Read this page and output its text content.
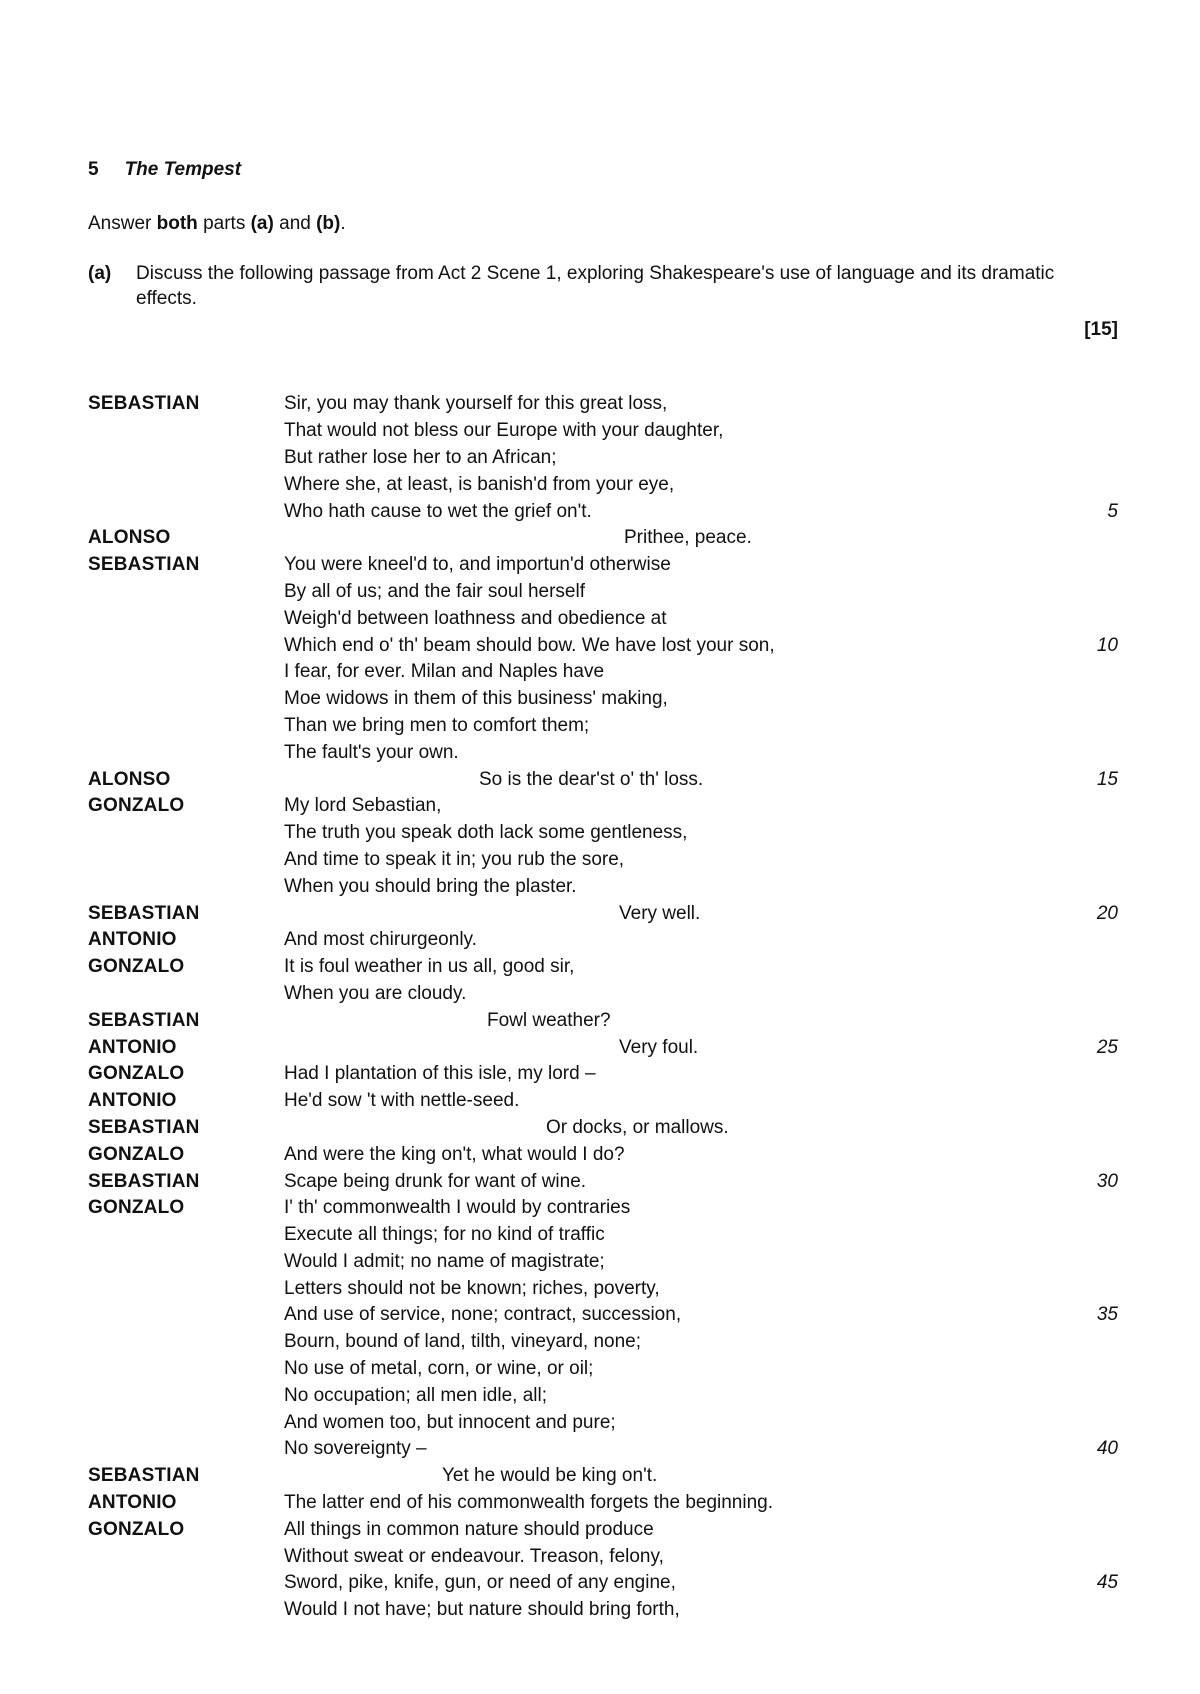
5 The Tempest
Answer both parts (a) and (b).
(a)	Discuss the following passage from Act 2 Scene 1, exploring Shakespeare's use of language and its dramatic effects.
[15]
SEBASTIAN	Sir, you may thank yourself for this great loss,
That would not bless our Europe with your daughter,
But rather lose her to an African;
Where she, at least, is banish'd from your eye,
Who hath cause to wet the grief on't.	5
ALONSO	Prithee, peace.
SEBASTIAN	You were kneel'd to, and importun'd otherwise
By all of us; and the fair soul herself
Weigh'd between loathness and obedience at
Which end o' th' beam should bow. We have lost your son,	10
I fear, for ever. Milan and Naples have
Moe widows in them of this business' making,
Than we bring men to comfort them;
The fault's your own.
ALONSO	So is the dear'st o' th' loss.	15
GONZALO	My lord Sebastian,
The truth you speak doth lack some gentleness,
And time to speak it in; you rub the sore,
When you should bring the plaster.
SEBASTIAN	Very well.	20
ANTONIO	And most chirurgeonly.
GONZALO	It is foul weather in us all, good sir,
When you are cloudy.
SEBASTIAN	Fowl weather?
ANTONIO	Very foul.	25
GONZALO	Had I plantation of this isle, my lord –
ANTONIO	He'd sow 't with nettle-seed.
SEBASTIAN	Or docks, or mallows.
GONZALO	And were the king on't, what would I do?
SEBASTIAN	Scape being drunk for want of wine.	30
GONZALO	I' th' commonwealth I would by contraries
Execute all things; for no kind of traffic
Would I admit; no name of magistrate;
Letters should not be known; riches, poverty,
And use of service, none; contract, succession,	35
Bourn, bound of land, tilth, vineyard, none;
No use of metal, corn, or wine, or oil;
No occupation; all men idle, all;
And women too, but innocent and pure;
No sovereignty –	40
SEBASTIAN	Yet he would be king on't.
ANTONIO	The latter end of his commonwealth forgets the beginning.
GONZALO	All things in common nature should produce
Without sweat or endeavour. Treason, felony,
Sword, pike, knife, gun, or need of any engine,	45
Would I not have; but nature should bring forth,
